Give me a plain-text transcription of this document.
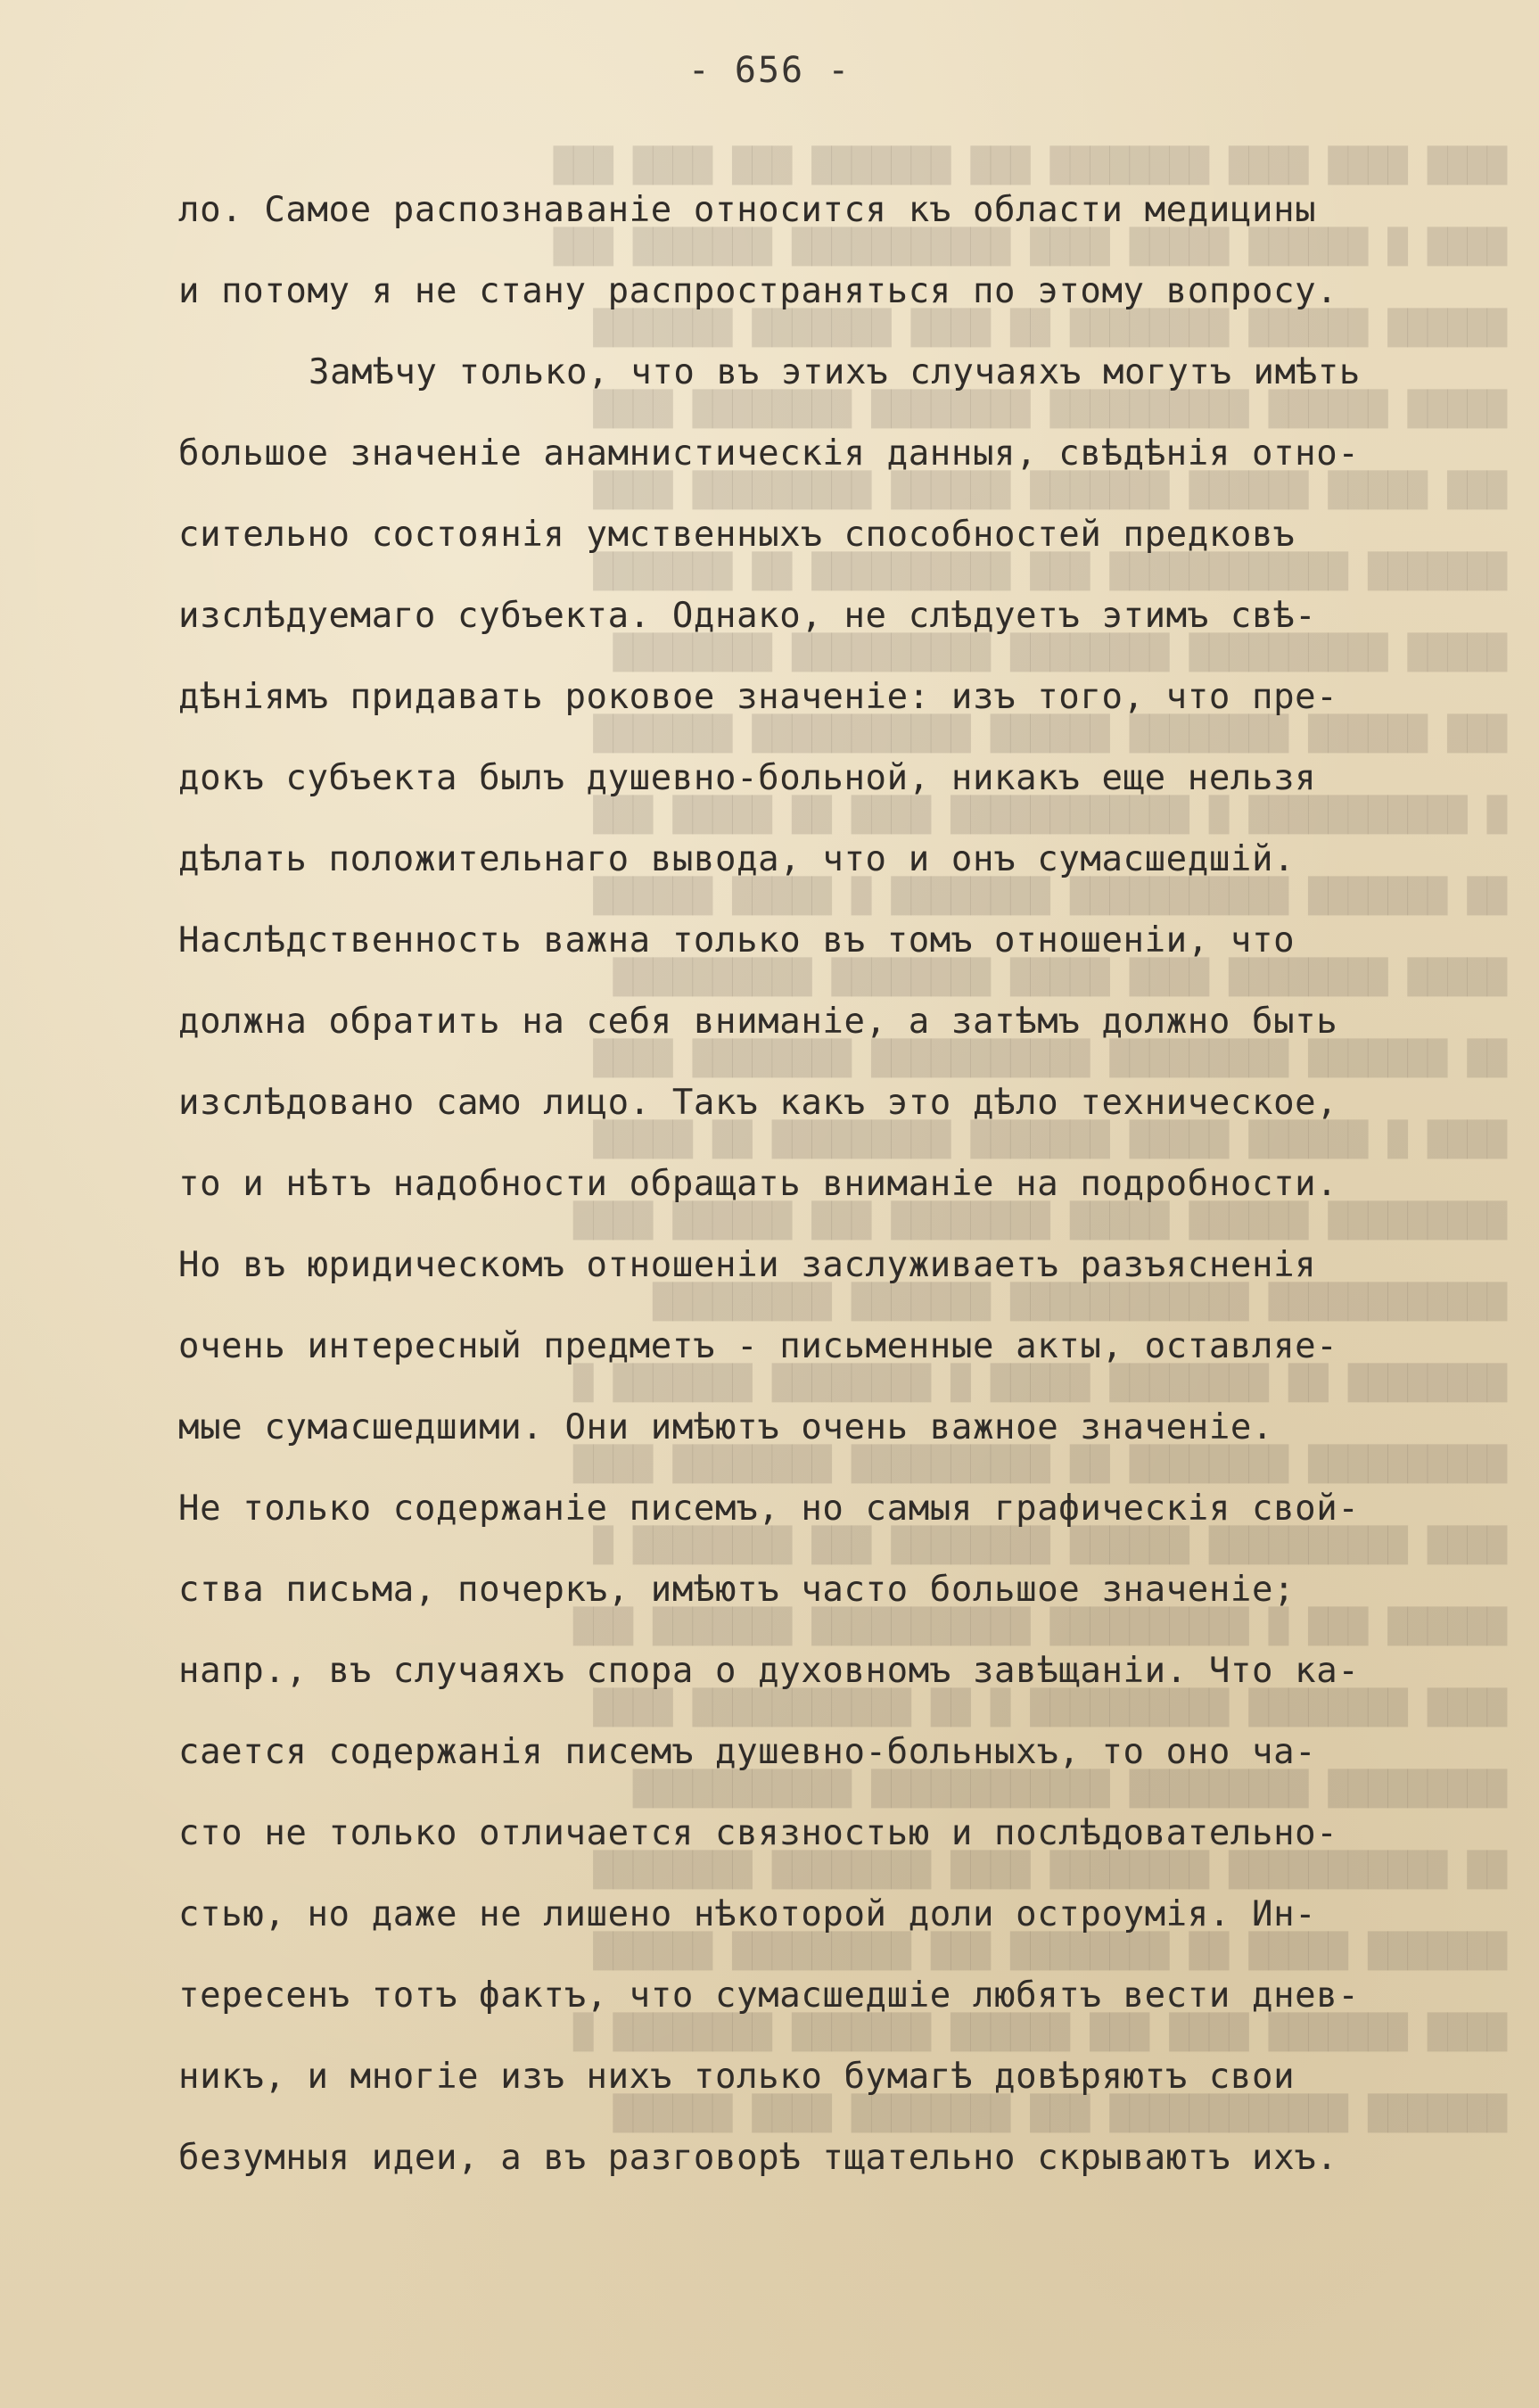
████ ████ ████ ████████ ███ ███████ ███ ████ ███
████ █ ██████ █████ ████ ███████████ ███████ ███
██████ ██████ ████████ ██ ████ ███████ ███████
█████ ██████ ██████████ ████████ ████████ ████
███ █████ ██████ ███████ ██████ █████████ ████
███████ ████████████ ███ ██████████ ██ ███████
█████ ██████████ ████████ ██████████ ████████
███ ██████ ████████ ██████ ███████████ ███████
█ ███████████ █ ████████████ ████ ██ █████ ███
██ ███████ ███████████ ████████ █ █████ ██████
█████ ████████ ████ █████ ████████ ██████████
██ ███████ █████████ ███████████ ████████ ████
████ █ ██████ █████ ███████ █████████ ██ █████
█████████ ██████ █████ ████████ ███ ██████ ████
████████████ ████████████ ███████ █████████
████████ ██ ████████ █████ █ ████████ ███████ █
██████████ ████████ ██ ██████████ ████████ ████
████ ██████████ ██████ ████████ ███ ████████ █
██████ ███ █ ██████████ ███████████ ███████ ███
████ ████████ ██████████ █ ██ ███████████ ████
█████████ █████████ ████████████ ███████████
██ ███████████ ████████ ████ ████████ ████████
███████ █████ ██ ████████ ███ █████████ ██████
████ ███████ ████ ███ ██████ ███████ ████████ █
███████ ████████████ ███ ████████ ████ ██████
- 656 -
ло. Самое распознаванiе относится къ области медицины
и потому я не стану распространяться по этому вопросу.
Замѣчу только, что въ этихъ случаяхъ могутъ имѣть
большое значенiе анамнистическiя данныя, свѣдѣнiя отно-
сительно состоянiя умственныхъ способностей предковъ
изслѣдуемаго субъекта. Однако, не слѣдуетъ этимъ свѣ-
дѣнiямъ придавать роковое значенiе: изъ того, что пре-
докъ субъекта былъ душевно-больной, никакъ еще нельзя
дѣлать положительнаго вывода, что и онъ сумасшедшiй.
Наслѣдственность важна только въ томъ отношенiи, что
должна обратить на себя вниманiе, а затѣмъ должно быть
изслѣдовано само лицо. Такъ какъ это дѣло техническое,
то и нѣтъ надобности обращать вниманiе на подробности.
Но въ юридическомъ отношенiи заслуживаетъ разъясненiя
очень интересный предметъ - письменные акты, оставляе-
мые сумасшедшими. Они имѣютъ очень важное значенiе.
Не только содержанiе писемъ, но самыя графическiя свой-
ства письма, почеркъ, имѣютъ часто большое значенiе;
напр., въ случаяхъ спора о духовномъ завѣщанiи. Что ка-
сается содержанiя писемъ душевно-больныхъ, то оно ча-
сто не только отличается связностью и послѣдовательно-
стью, но даже не лишено нѣкоторой доли остроумiя. Ин-
тересенъ тотъ фактъ, что сумасшедшiе любятъ вести днев-
никъ, и многiе изъ нихъ только бумагѣ довѣряютъ свои
безумныя идеи, а въ разговорѣ тщательно скрываютъ ихъ.
